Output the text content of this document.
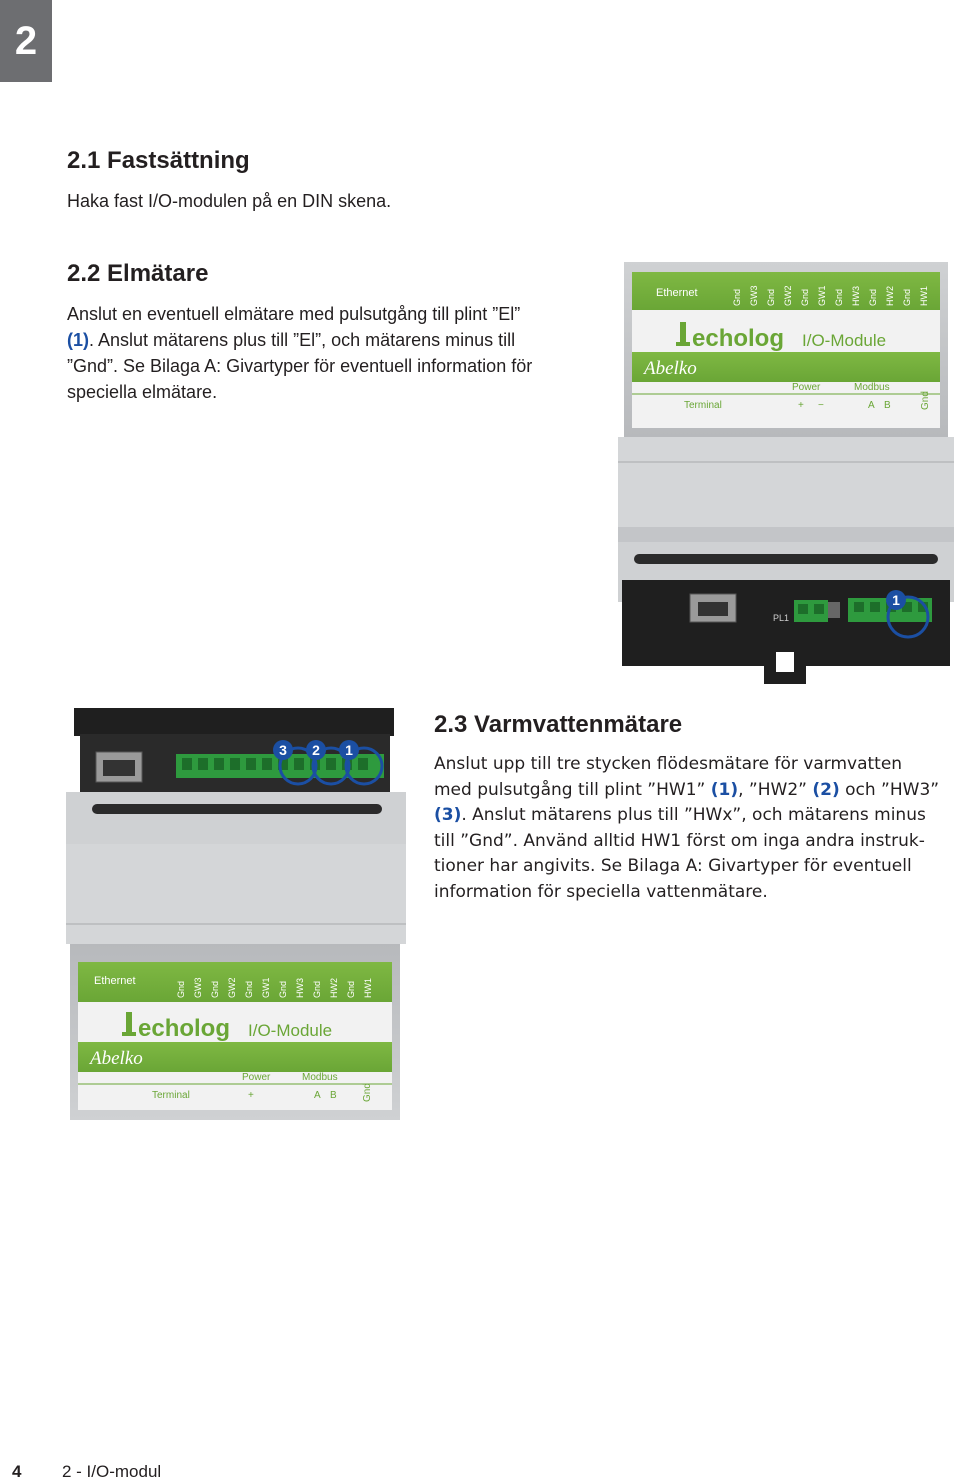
2
2.1 Fastsättning

Haka fast I/O-modulen på en DIN skena.

2.2 Elmätare
Anslut en eventuell elmätare med pulsutgång till plint ”El”
(1). Anslut mätarens plus till ”El”, och mätarens minus till
”Gnd”. Se Bilaga A: Givartyper för eventuell information för
speciella elmätare.
Ethernet	Gnd GW3 Gnd GW2 Gnd GW1 Gnd HW3 Gnd HW2 Gnd HW1
echolog I/O-Module
Abelko
Power	Modbus
Terminal	+ −	A B	Gnd
PL1
1
3 2 1
Ethernet	Gnd GW3 Gnd GW2 Gnd GW1 Gnd HW3 Gnd HW2 Gnd HW1
echolog I/O-Module
Abelko
Power	Modbus
Terminal	+	A B	Gnd
2.3 Varmvattenmätare
Anslut upp till tre stycken flödesmätare för varmvatten
med pulsutgång till plint ”HW1” (1), ”HW2” (2) och ”HW3”
(3). Anslut mätarens plus till ”HWx”, och mätarens minus
till ”Gnd”. Använd alltid HW1 först om inga andra instruk-
tioner har angivits. Se Bilaga A: Givartyper för eventuell
information för speciella vattenmätare.
4 2 - I/O-modul
